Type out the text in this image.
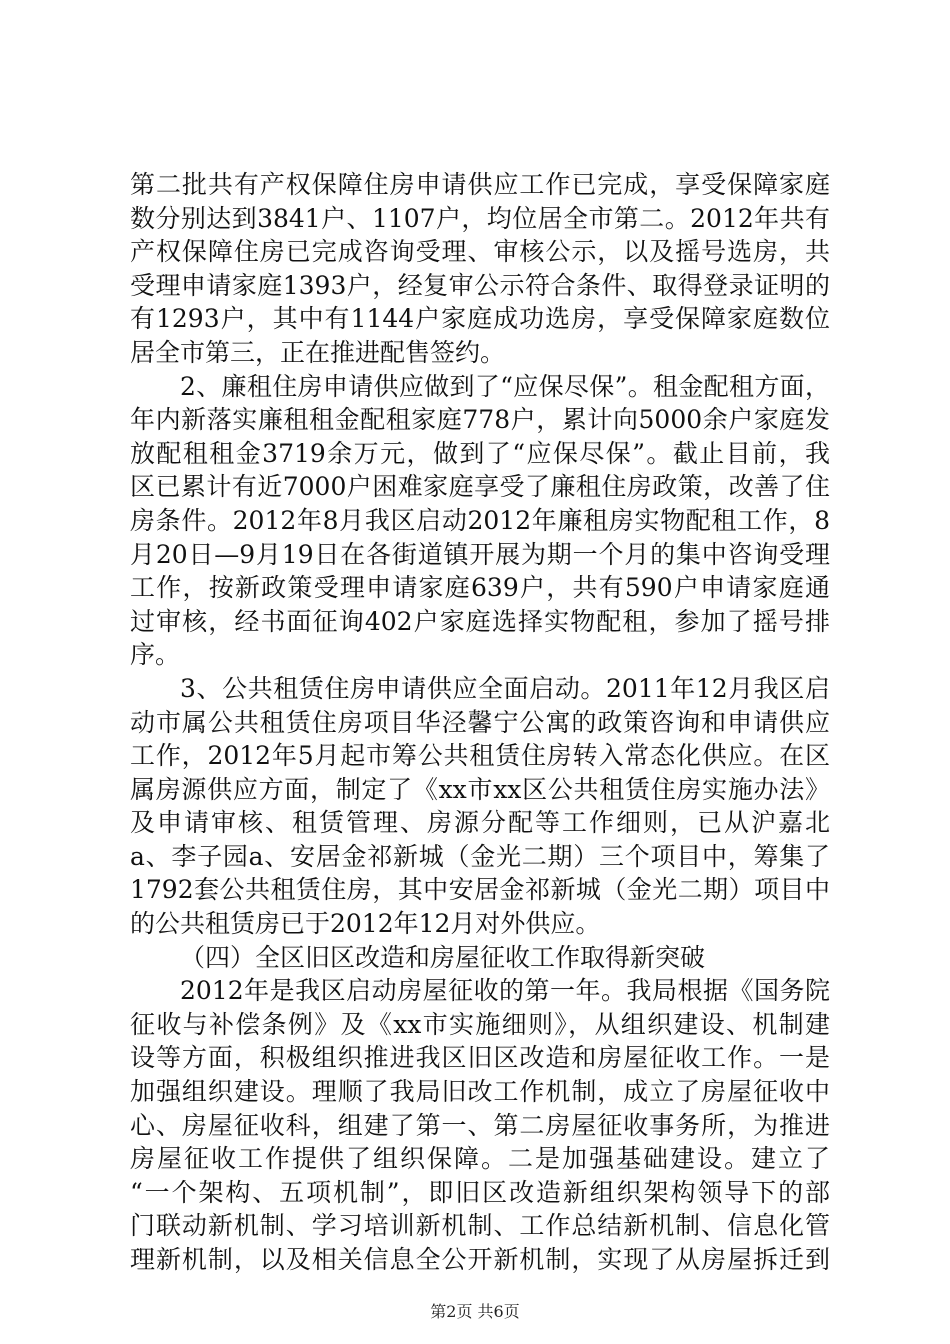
第二批共有产权保障住房申请供应工作已完成，享受保障家庭
数分别达到3841户、1107户，均位居全市第二。2012年共有
产权保障住房已完成咨询受理、审核公示，以及摇号选房，共
受理申请家庭1393户，经复审公示符合条件、取得登录证明的
有1293户，其中有1144户家庭成功选房，享受保障家庭数位
居全市第三，正在推进配售签约。
2、廉租住房申请供应做到了“应保尽保”。租金配租方面，
年内新落实廉租租金配租家庭778户，累计向5000余户家庭发
放配租租金3719余万元，做到了“应保尽保”。截止目前，我
区已累计有近7000户困难家庭享受了廉租住房政策，改善了住
房条件。2012年8月我区启动2012年廉租房实物配租工作，8
月20日—9月19日在各街道镇开展为期一个月的集中咨询受理
工作，按新政策受理申请家庭639户，共有590户申请家庭通
过审核，经书面征询402户家庭选择实物配租，参加了摇号排
序。
3、公共租赁住房申请供应全面启动。2011年12月我区启
动市属公共租赁住房项目华泾馨宁公寓的政策咨询和申请供应
工作，2012年5月起市筹公共租赁住房转入常态化供应。在区
属房源供应方面，制定了《xx市xx区公共租赁住房实施办法》
及申请审核、租赁管理、房源分配等工作细则，已从沪嘉北
a、李子园a、安居金祁新城（金光二期）三个项目中，筹集了
1792套公共租赁住房，其中安居金祁新城（金光二期）项目中
的公共租赁房已于2012年12月对外供应。
（四）全区旧区改造和房屋征收工作取得新突破
2012年是我区启动房屋征收的第一年。我局根据《国务院
征收与补偿条例》及《xx市实施细则》，从组织建设、机制建
设等方面，积极组织推进我区旧区改造和房屋征收工作。一是
加强组织建设。理顺了我局旧改工作机制，成立了房屋征收中
心、房屋征收科，组建了第一、第二房屋征收事务所，为推进
房屋征收工作提供了组织保障。二是加强基础建设。建立了
“一个架构、五项机制”，即旧区改造新组织架构领导下的部
门联动新机制、学习培训新机制、工作总结新机制、信息化管
理新机制，以及相关信息全公开新机制，实现了从房屋拆迁到
第2页 共6页
